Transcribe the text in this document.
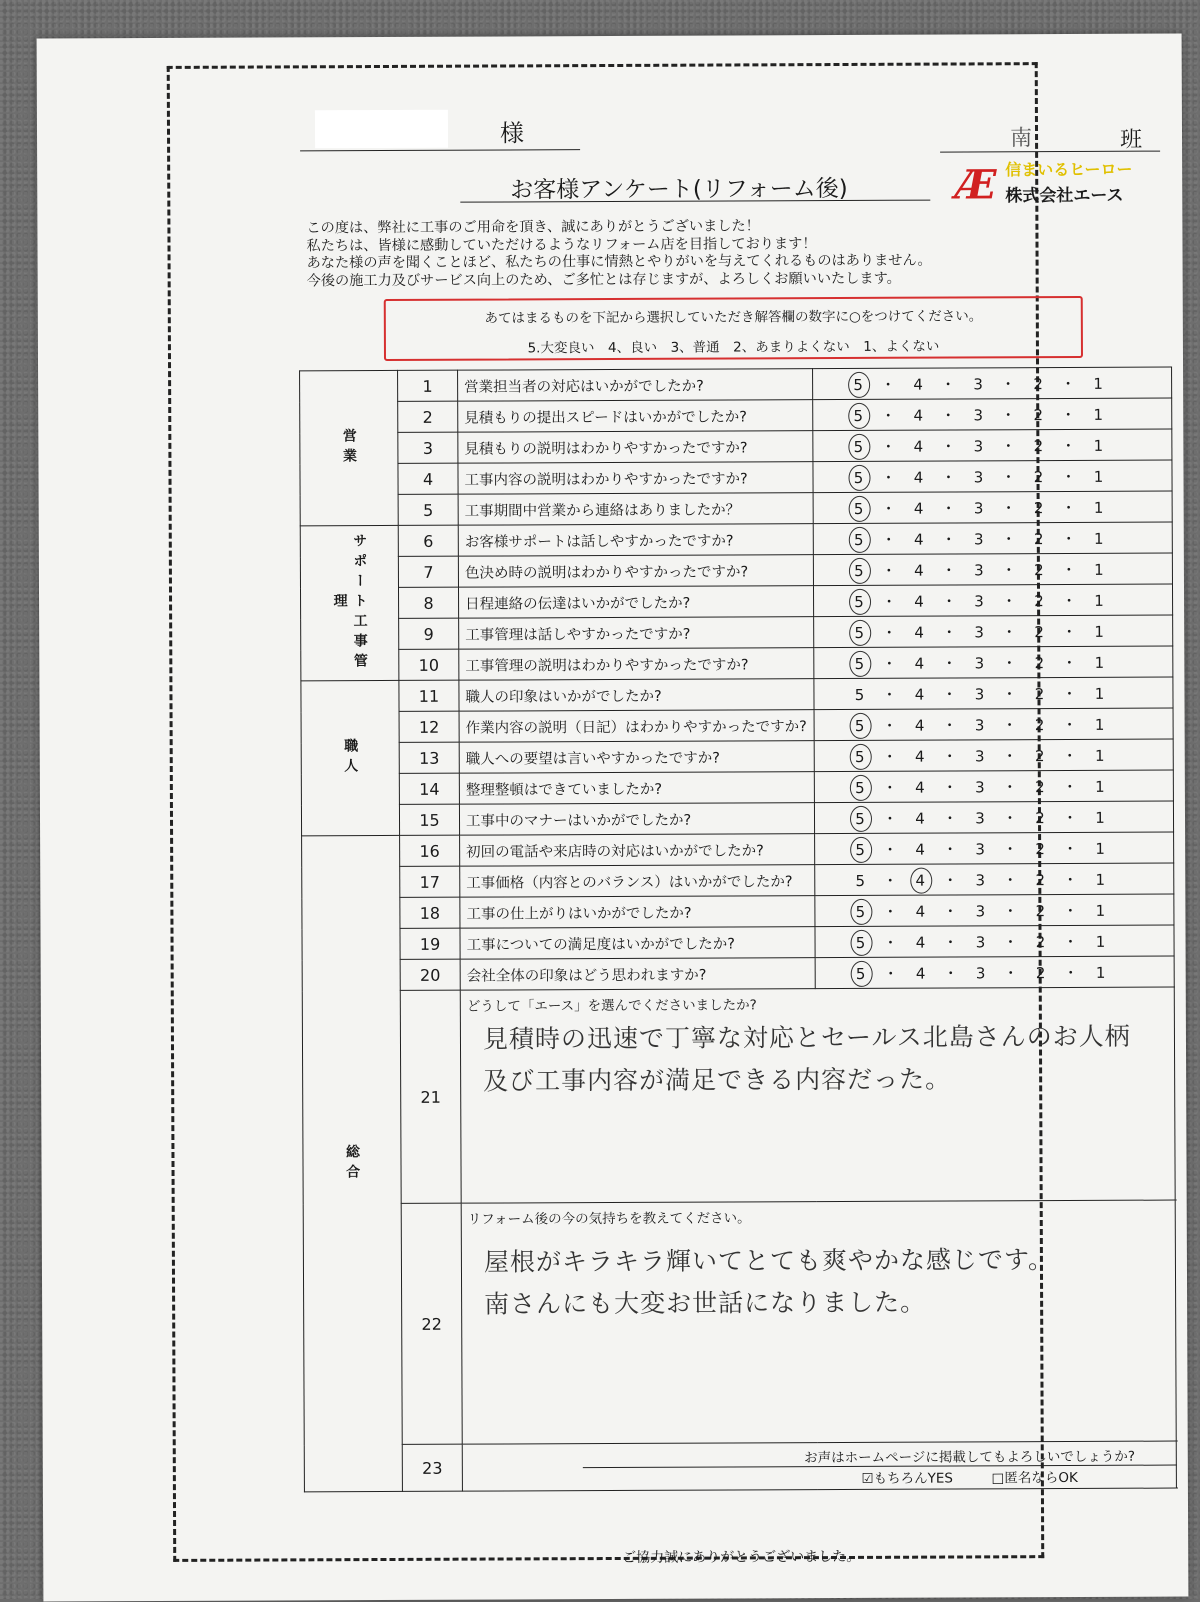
様	南	班
お客様アンケート(リフォーム後)	Æ 信まいるヒーロー
株式会社エース
この度は、弊社に工事のご用命を頂き、誠にありがとうございました！
私たちは、皆様に感動していただけるようなリフォーム店を目指しております！
あなた様の声を聞くことほど、私たちの仕事に情熱とやりがいを与えてくれるものはありません。
今後の施工力及びサービス向上のため、ご多忙とは存じますが、よろしくお願いいたします。
あてはまるものを下記から選択していただき解答欄の数字に○をつけてください。
5.大変良い　4、良い　3、普通　2、あまりよくない　1、よくない
営業	1	営業担当者の対応はいかがでしたか?	5 ・ 4 ・ 3 ・ 2 ・ 1	
	2	見積もりの提出スピードはいかがでしたか?	5 ・ 4 ・ 3 ・ 2 ・ 1	
	3	見積もりの説明はわかりやすかったですか?	5 ・ 4 ・ 3 ・ 2 ・ 1	
	4	工事内容の説明はわかりやすかったですか?	5 ・ 4 ・ 3 ・ 2 ・ 1	
	5	工事期間中営業から連絡はありましたか？	5 ・ 4 ・ 3 ・ 2 ・ 1	
サポート工事管理	6	お客様サポートは話しやすかったですか?	5 ・ 4 ・ 3 ・ 2 ・ 1	
	7	色決め時の説明はわかりやすかったですか?	5 ・ 4 ・ 3 ・ 2 ・ 1	
	8	日程連絡の伝達はいかがでしたか?	5 ・ 4 ・ 3 ・ 2 ・ 1	
	9	工事管理は話しやすかったですか?	5 ・ 4 ・ 3 ・ 2 ・ 1	
	10	工事管理の説明はわかりやすかったですか?	5 ・ 4 ・ 3 ・ 2 ・ 1	
職人	11	職人の印象はいかがでしたか?	5 ・ 4 ・ 3 ・ 2 ・ 1	
	12	作業内容の説明（日記）はわかりやすかったですか?	5 ・ 4 ・ 3 ・ 2 ・ 1	
	13	職人への要望は言いやすかったですか?	5 ・ 4 ・ 3 ・ 2 ・ 1	
	14	整理整頓はできていましたか?	5 ・ 4 ・ 3 ・ 2 ・ 1	
	15	工事中のマナーはいかがでしたか?	5 ・ 4 ・ 3 ・ 2 ・ 1	
総合	16	初回の電話や来店時の対応はいかがでしたか?	5 ・ 4 ・ 3 ・ 2 ・ 1	
	17	工事価格（内容とのバランス）はいかがでしたか?	5 ・ 4 ・ 3 ・ 2 ・ 1	
	18	工事の仕上がりはいかがでしたか?	5 ・ 4 ・ 3 ・ 2 ・ 1	
	19	工事についての満足度はいかがでしたか?	5 ・ 4 ・ 3 ・ 2 ・ 1	
	20	会社全体の印象はどう思われますか?	5 ・ 4 ・ 3 ・ 2 ・ 1	
	21	どうして「エース」を選んでくださいましたか?
見積時の迅速で丁寧な対応とセールス北島さんのお人柄
及び工事内容が満足できる内容だった。		

	22	リフォーム後の今の気持ちを教えてください。
屋根がキラキラ輝いてとても爽やかな感じです。
南さんにも大変お世話になりました。		

	23	お声はホームページに掲載してもよろしいでしょうか?
☑もちろんYES □匿名ならOK		

ご協力誠にありがとうございました。
